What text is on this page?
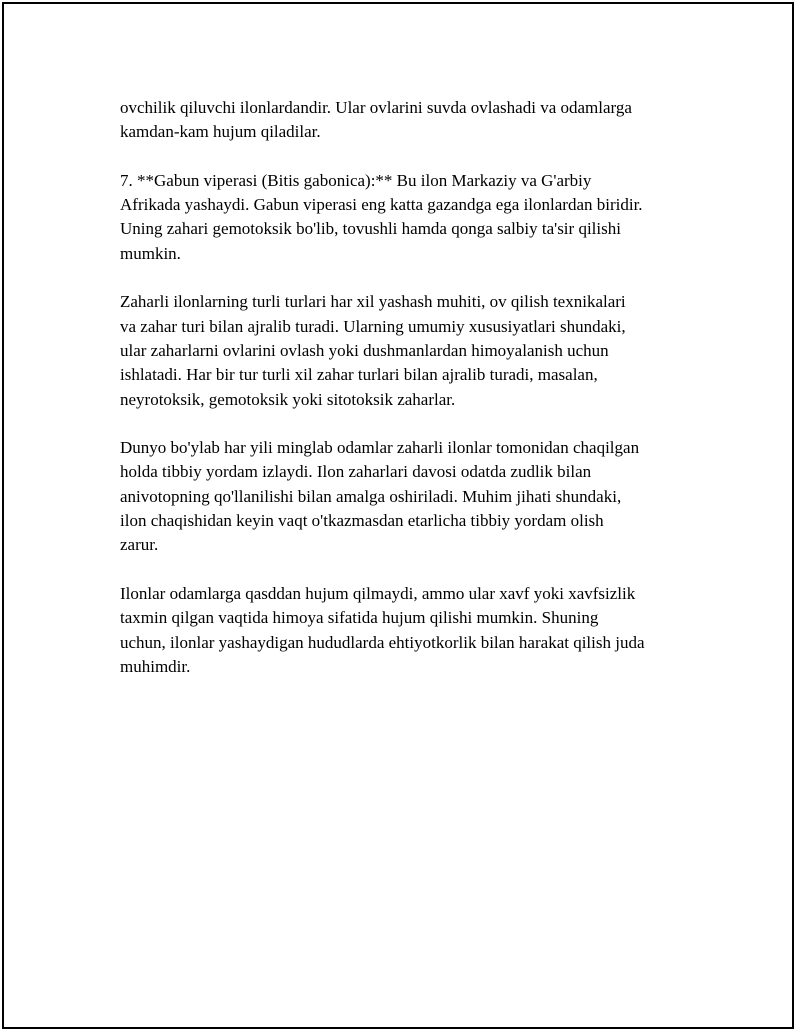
ovchilik qiluvchi ilonlardandir. Ular ovlarini suvda ovlashadi va odamlarga
kamdan-kam hujum qiladilar.

7. **Gabun viperasi (Bitis gabonica):** Bu ilon Markaziy va G'arbiy
Afrikada yashaydi. Gabun viperasi eng katta gazandga ega ilonlardan biridir.
Uning zahari gemotoksik bo'lib, tovushli hamda qonga salbiy ta'sir qilishi
mumkin.

Zaharli ilonlarning turli turlari har xil yashash muhiti, ov qilish texnikalari
va zahar turi bilan ajralib turadi. Ularning umumiy xususiyatlari shundaki,
ular zaharlarni ovlarini ovlash yoki dushmanlardan himoyalanish uchun
ishlatadi. Har bir tur turli xil zahar turlari bilan ajralib turadi, masalan,
neyrotoksik, gemotoksik yoki sitotoksik zaharlar.

Dunyo bo'ylab har yili minglab odamlar zaharli ilonlar tomonidan chaqilgan
holda tibbiy yordam izlaydi. Ilon zaharlari davosi odatda zudlik bilan
anivotopning qo'llanilishi bilan amalga oshiriladi. Muhim jihati shundaki,
ilon chaqishidan keyin vaqt o'tkazmasdan etarlicha tibbiy yordam olish
zarur.

Ilonlar odamlarga qasddan hujum qilmaydi, ammo ular xavf yoki xavfsizlik
taxmin qilgan vaqtida himoya sifatida hujum qilishi mumkin. Shuning
uchun, ilonlar yashaydigan hududlarda ehtiyotkorlik bilan harakat qilish juda
muhimdir.
